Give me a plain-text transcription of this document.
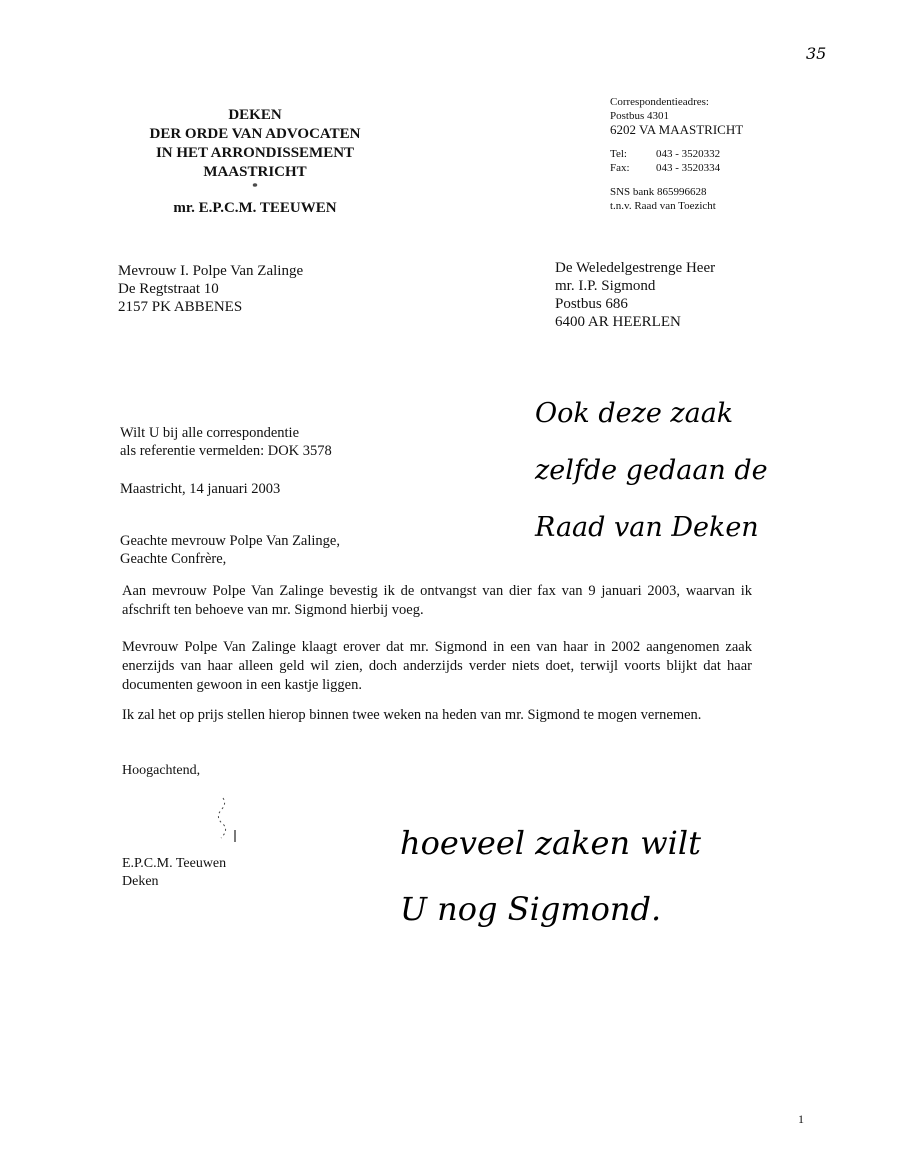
35
DEKEN
DER ORDE VAN ADVOCATEN
IN HET ARRONDISSEMENT
MAASTRICHT
*
mr. E.P.C.M. TEEUWEN
Correspondentieadres:
Postbus 4301
6202 VA MAASTRICHT
Tel:	043 - 3520332
Fax: 043 - 3520334
SNS bank 865996628
t.n.v. Raad van Toezicht
Mevrouw I. Polpe Van Zalinge
De Regtstraat 10
2157 PK ABBENES
De Weledelgestrenge Heer
mr. I.P. Sigmond
Postbus 686
6400 AR HEERLEN
Ook deze zaak
zelfde gedaan de
Raad van Deken
Wilt U bij alle correspondentie
als referentie vermelden: DOK 3578
Maastricht, 14 januari 2003
Geachte mevrouw Polpe Van Zalinge,
Geachte Confrère,
Aan mevrouw Polpe Van Zalinge bevestig ik de ontvangst van dier fax van 9 januari 2003, waarvan ik afschrift ten behoeve van mr. Sigmond hierbij voeg.
Mevrouw Polpe Van Zalinge klaagt erover dat mr. Sigmond in een van haar in 2002 aangenomen zaak enerzijds van haar alleen geld wil zien, doch anderzijds verder niets doet, terwijl voorts blijkt dat haar documenten gewoon in een kastje liggen.
Ik zal het op prijs stellen hierop binnen twee weken na heden van mr. Sigmond te mogen vernemen.
Hoogachtend,
E.P.C.M. Teeuwen
Deken
hoeveel zaken wilt
U nog Sigmond.
1
